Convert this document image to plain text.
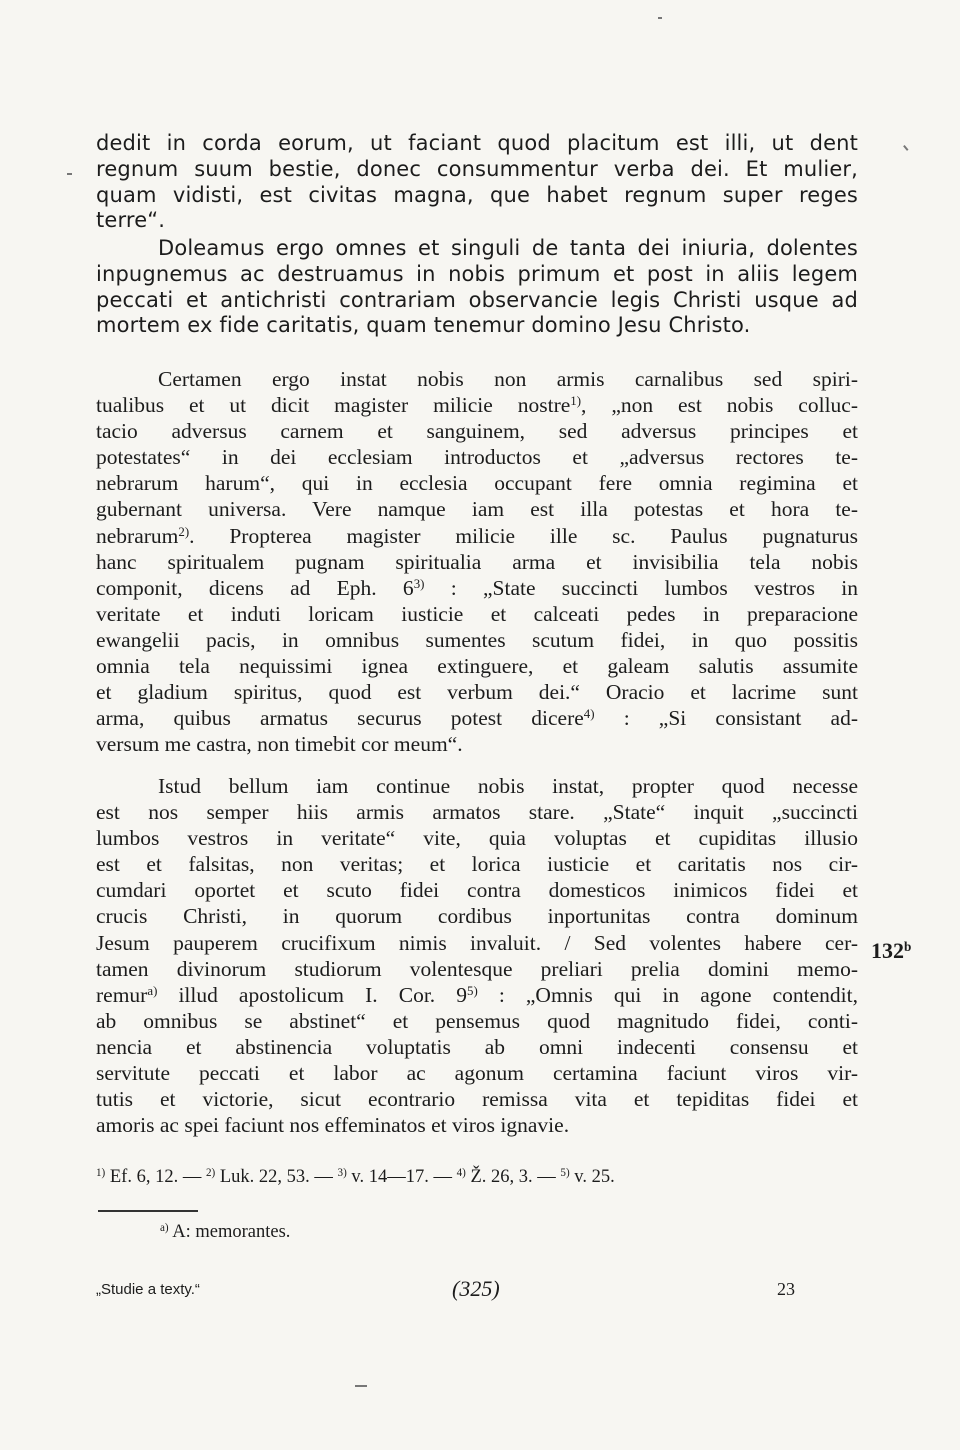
dedit in corda eorum, ut faciant quod placitum est illi, ut dent
regnum suum bestie, donec consummentur verba dei. Et mulier,
quam vidisti, est civitas magna, que habet regnum super reges
terre“.
Doleamus ergo omnes et singuli de tanta dei iniuria, dolentes
inpugnemus ac destruamus in nobis primum et post in aliis legem
peccati et antichristi contrariam observancie legis Christi usque ad
mortem ex fide caritatis, quam tenemur domino Jesu Christo.
Certamen ergo instat nobis non armis carnalibus sed spiri-
tualibus et ut dicit magister milicie nostre$^{1)}$, „non est nobis colluc-
tacio adversus carnem et sanguinem, sed adversus principes et
potestates“ in dei ecclesiam introductos et „adversus rectores te-
nebrarum harum“, qui in ecclesia occupant fere omnia regimina et
gubernant universa. Vere namque iam est illa potestas et hora te-
nebrarum$^{2)}$. Propterea magister milicie ille sc. Paulus pugnaturus
hanc spiritualem pugnam spiritualia arma et invisibilia tela nobis
componit, dicens ad Eph. 6$^{3)}$ : „State succincti lumbos vestros in
veritate et induti loricam iusticie et calceati pedes in preparacione
ewangelii pacis, in omnibus sumentes scutum fidei, in quo possitis
omnia tela nequissimi ignea extinguere, et galeam salutis assumite
et gladium spiritus, quod est verbum dei.“ Oracio et lacrime sunt
arma, quibus armatus securus potest dicere$^{4)}$ : „Si consistant ad-
versum me castra, non timebit cor meum“.
Istud bellum iam continue nobis instat, propter quod necesse
est nos semper hiis armis armatos stare. „State“ inquit „succincti
lumbos vestros in veritate“ vite, quia voluptas et cupiditas illusio
est et falsitas, non veritas; et lorica iusticie et caritatis nos cir-
cumdari oportet et scuto fidei contra domesticos inimicos fidei et
crucis Christi, in quorum cordibus inportunitas contra dominum
Jesum pauperem crucifixum nimis invaluit. / Sed volentes habere cer-
tamen divinorum studiorum volentesque preliari prelia domini memo-
remur$^{a)}$ illud apostolicum I. Cor. 9$^{5)}$ : „Omnis qui in agone contendit,
ab omnibus se abstinet“ et pensemus quod magnitudo fidei, conti-
nencia et abstinencia voluptatis ab omni indecenti consensu et
servitute peccati et labor ac agonum certamina faciunt viros vir-
tutis et victorie, sicut econtrario remissa vita et tepiditas fidei et
amoris ac spei faciunt nos effeminatos et viros ignavie.
132$^b$
$^{1)}$ Ef. 6, 12. — $^{2)}$ Luk. 22, 53. — $^{3)}$ v. 14—17. — $^{4)}$ Ž. 26, 3. — $^{5)}$ v. 25.
$^{a)}$ A: memorantes.
„Studie a texty.“	(325)	23
